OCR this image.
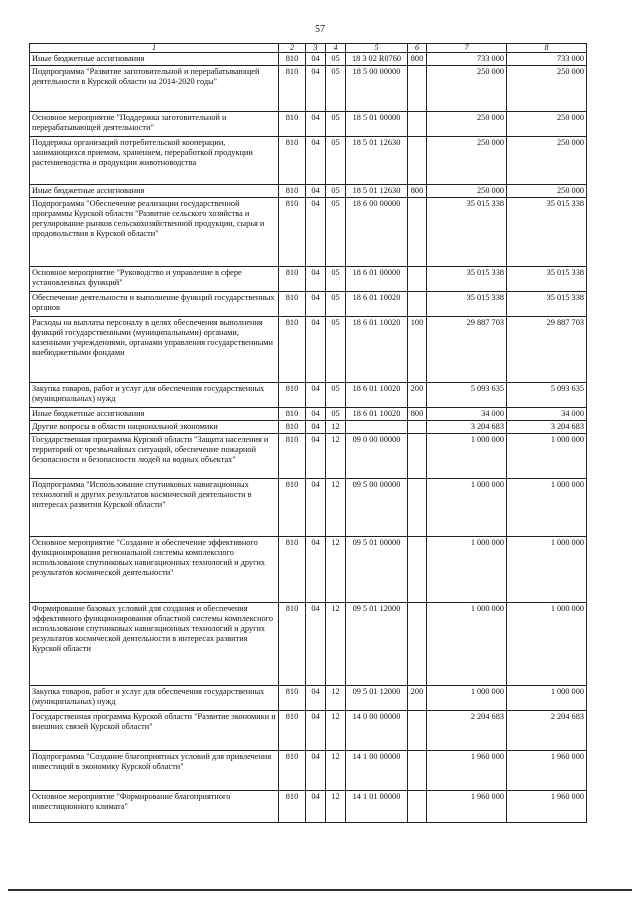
57
1	2	3	4	5	6	7	8
Иные бюджетные ассигнования	810	04	05	18 3 02 R0760	800	733 000	733 000
Подпрограмма "Развитие заготовительной и перерабатывающей деятельности в Курской области на 2014-2020 годы"	810	04	05	18 5 00 00000		250 000	250 000
Основное мероприятие "Поддержка заготовительной и перерабатывающей деятельности"	810	04	05	18 5 01 00000		250 000	250 000
Поддержка организаций потребительской кооперации, занимающихся приемом, хранением, переработкой продукции растениеводства и продукции животноводства	810	04	05	18 5 01 12630		250 000	250 000
Иные бюджетные ассигнования	810	04	05	18 5 01 12630	800	250 000	250 000
Подпрограмма "Обеспечение реализации государственной программы Курской области "Развитие сельского хозяйства и регулирование рынков сельскохозяйственной продукции, сырья и продовольствия в Курской области"	810	04	05	18 6 00 00000		35 015 338	35 015 338
Основное мероприятие "Руководство и управление в сфере установленных функций"	810	04	05	18 6 01 00000		35 015 338	35 015 338
Обеспечение деятельности и выполнение функций государственных органов	810	04	05	18 6 01 10020		35 015 338	35 015 338
Расходы на выплаты персоналу в целях обеспечения выполнения функций государственными (муниципальными) органами, казенными учреждениями, органами управления государственными внебюджетными фондами	810	04	05	18 6 01 10020	100	29 887 703	29 887 703
Закупка товаров, работ и услуг для обеспечения государственных (муниципальных) нужд	810	04	05	18 6 01 10020	200	5 093 635	5 093 635
Иные бюджетные ассигнования	810	04	05	18 6 01 10020	800	34 000	34 000
Другие вопросы в области национальной экономики	810	04	12			3 204 683	3 204 683
Государственная программа Курской области "Защита населения и территорий от чрезвычайных ситуаций, обеспечение пожарной безопасности и безопасности людей на водных объектах"	810	04	12	09 0 00 00000		1 000 000	1 000 000
Подпрограмма "Использование спутниковых навигационных технологий и других результатов космической деятельности в интересах развития Курской области"	810	04	12	09 5 00 00000		1 000 000	1 000 000
Основное мероприятие "Создание и обеспечение эффективного функционирования региональной системы комплексного использования спутниковых навигационных технологий и других результатов космической деятельности"	810	04	12	09 5 01 00000		1 000 000	1 000 000
Формирование базовых условий для создания и обеспечения эффективного функционирования областной системы комплексного использования спутниковых навигационных технологий и других результатов космической деятельности в интересах развития Курской области	810	04	12	09 5 01 12000		1 000 000	1 000 000
Закупка товаров, работ и услуг для обеспечения государственных (муниципальных) нужд	810	04	12	09 5 01 12000	200	1 000 000	1 000 000
Государственная программа Курской области "Развитие экономики и внешних связей Курской области"	810	04	12	14 0 00 00000		2 204 683	2 204 683
Подпрограмма "Создание благоприятных условий для привлечения инвестиций в экономику Курской области"	810	04	12	14 1 00 00000		1 960 000	1 960 000
Основное мероприятие "Формирование благоприятного инвестиционного климата"	810	04	12	14 1 01 00000		1 960 000	1 960 000
